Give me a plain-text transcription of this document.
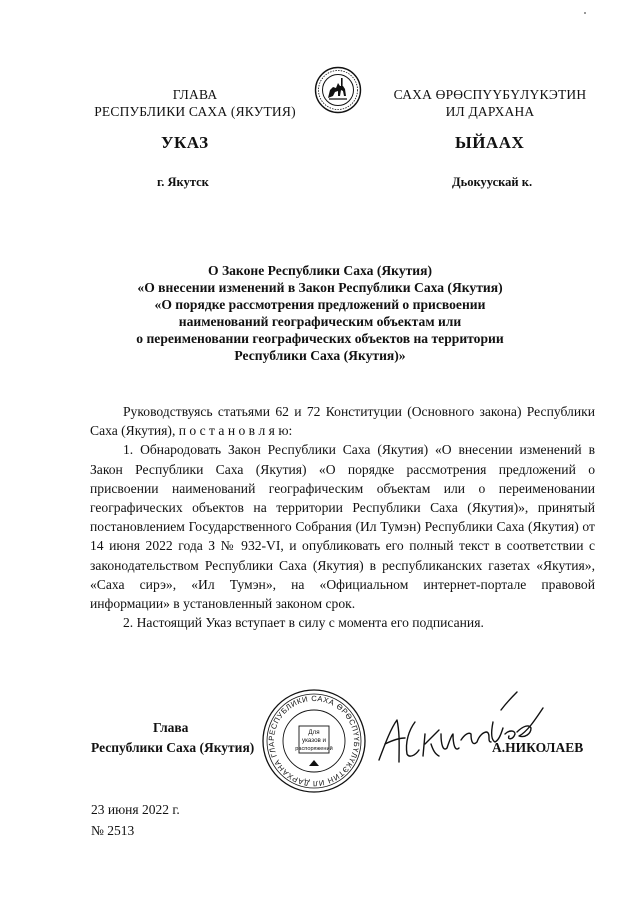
ГЛАВА
РЕСПУБЛИКИ САХА (ЯКУТИЯ)
САХА ӨРӨСПҮҮБҮЛҮКЭТИН
ИЛ ДАРХАНА
УКАЗ	ЫЙААХ
г. Якутск	Дьокуускай к.
О Законе Республики Саха (Якутия)
«О внесении изменений в Закон Республики Саха (Якутия)
«О порядке рассмотрения предложений о присвоении
наименований географическим объектам или
о переименовании географических объектов на территории
Республики Саха (Якутия)»
Руководствуясь статьями 62 и 72 Конституции (Основного закона) Республики Саха (Якутия), п о с т а н о в л я ю:
1. Обнародовать Закон Республики Саха (Якутия) «О внесении изменений в Закон Республики Саха (Якутия) «О порядке рассмотрения предложений о присвоении наименований географическим объектам или о переименовании географических объектов на территории Республики Саха (Якутия)», принятый постановлением Государственного Собрания (Ил Тумэн) Республики Саха (Якутия) от 14 июня 2022 года З № 932-VI, и опубликовать его полный текст в соответствии с законодательством Республики Саха (Якутия) в республиканских газетах «Якутия», «Саха сирэ», «Ил Тумэн», на «Официальном интернет-портале правовой информации» в установленный законом срок.
2. Настоящий Указ вступает в силу с момента его подписания.
Глава
Республики Саха (Якутия)
РЕСПУБЛИКИ САХА ӨРӨСПҮҮБҮЛҮКЭТИН ИЛ ДАРХАНА ГЛА
Для
указов и
распоряжений	А.НИКОЛАЕВ
23 июня 2022 г.
№ 2513
